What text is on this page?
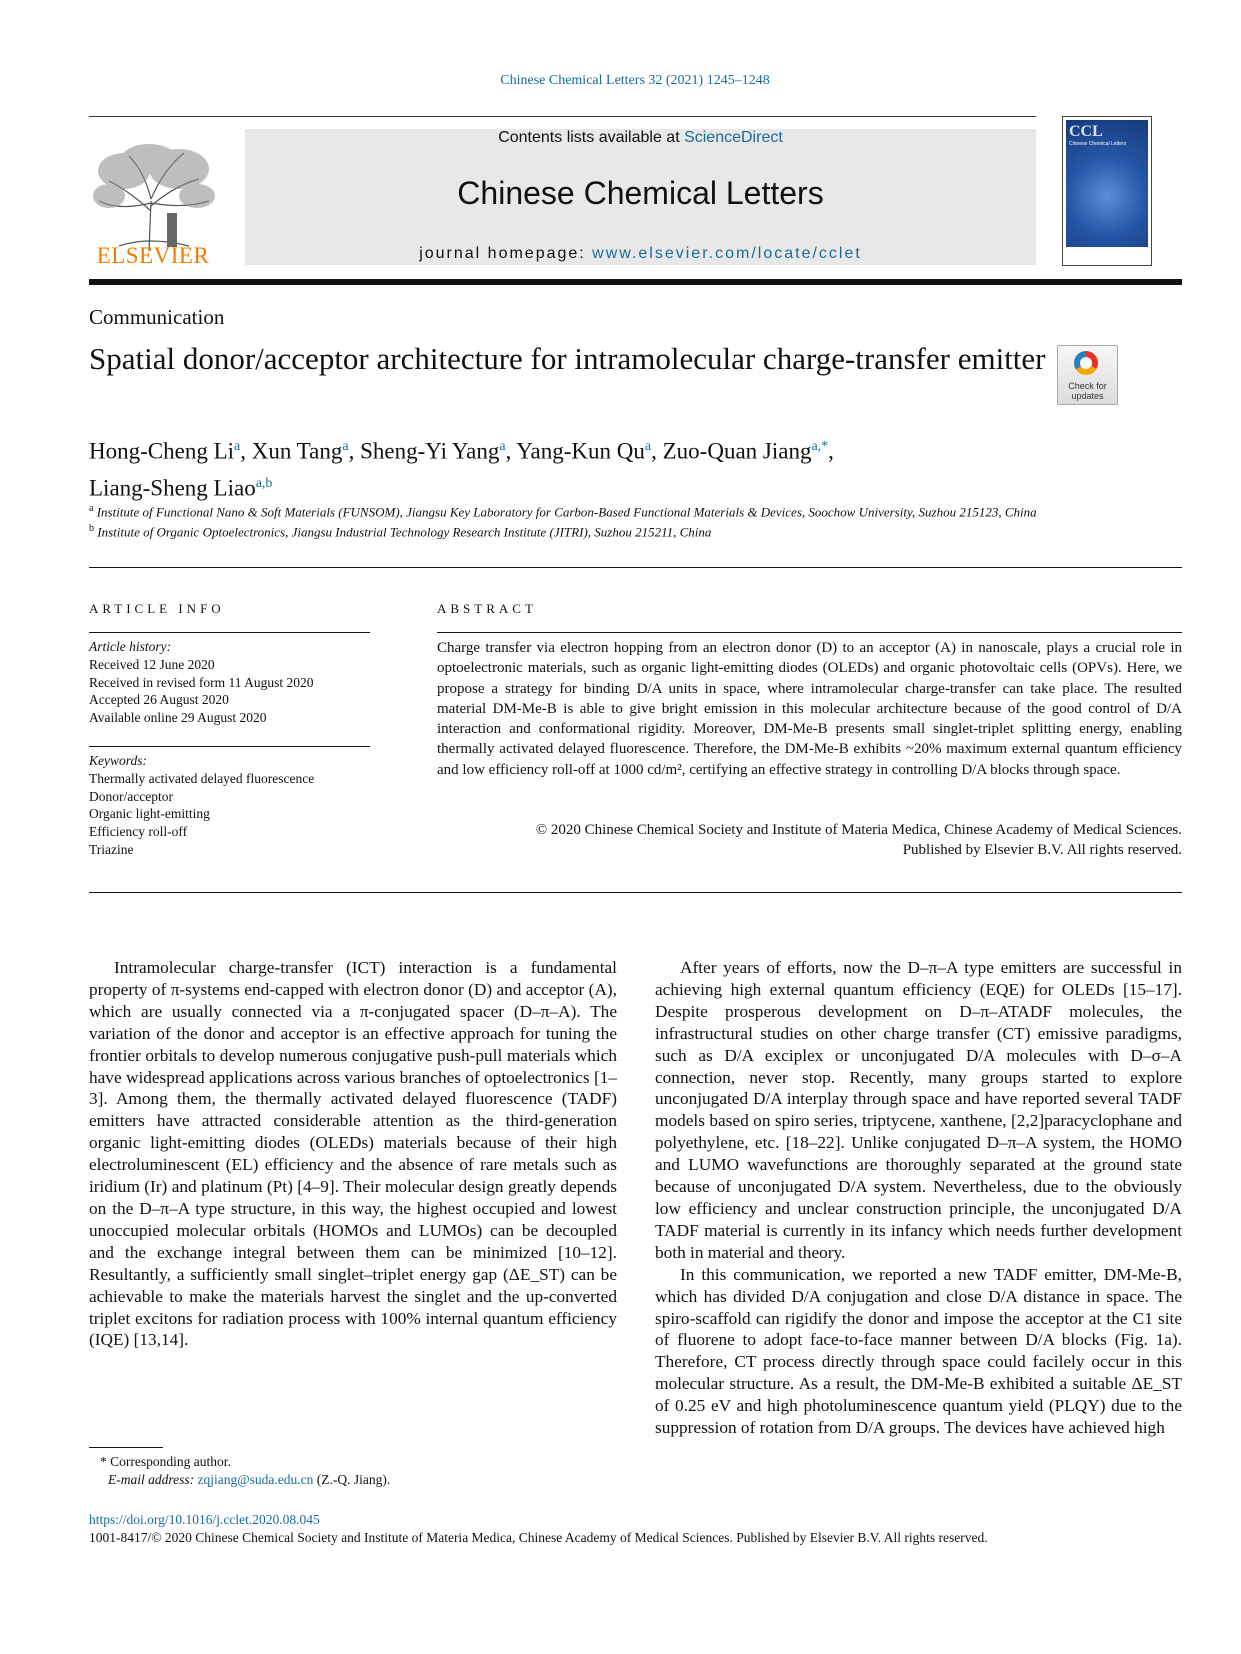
Chinese Chemical Letters 32 (2021) 1245–1248
ELSEVIER
Contents lists available at ScienceDirect
Chinese Chemical Letters
journal homepage: www.elsevier.com/locate/cclet
CCL
Chinese Chemical Letters
Communication
Spatial donor/acceptor architecture for intramolecular charge-transfer emitter
Check for updates
Hong-Cheng Li$^a$, Xun Tang$^a$, Sheng-Yi Yang$^a$, Yang-Kun Qu$^a$, Zuo-Quan Jiang$^{a,*}$,
Liang-Sheng Liao$^{a,b}$
$^a$ Institute of Functional Nano & Soft Materials (FUNSOM), Jiangsu Key Laboratory for Carbon-Based Functional Materials & Devices, Soochow University, Suzhou 215123, China
$^b$ Institute of Organic Optoelectronics, Jiangsu Industrial Technology Research Institute (JITRI), Suzhou 215211, China
ARTICLE INFO	ABSTRACT
Article history:
Received 12 June 2020
Received in revised form 11 August 2020
Accepted 26 August 2020
Available online 29 August 2020
Keywords:
Thermally activated delayed fluorescence
Donor/acceptor
Organic light-emitting
Efficiency roll-off
Triazine
Charge transfer via electron hopping from an electron donor (D) to an acceptor (A) in nanoscale, plays a crucial role in optoelectronic materials, such as organic light-emitting diodes (OLEDs) and organic photovoltaic cells (OPVs). Here, we propose a strategy for binding D/A units in space, where intramolecular charge-transfer can take place. The resulted material DM-Me-B is able to give bright emission in this molecular architecture because of the good control of D/A interaction and conformational rigidity. Moreover, DM-Me-B presents small singlet-triplet splitting energy, enabling thermally activated delayed fluorescence. Therefore, the DM-Me-B exhibits ~20% maximum external quantum efficiency and low efficiency roll-off at 1000 cd/m², certifying an effective strategy in controlling D/A blocks through space.
© 2020 Chinese Chemical Society and Institute of Materia Medica, Chinese Academy of Medical Sciences.
Published by Elsevier B.V. All rights reserved.

Intramolecular charge-transfer (ICT) interaction is a fundamental property of π-systems end-capped with electron donor (D) and acceptor (A), which are usually connected via a π-conjugated spacer (D–π–A). The variation of the donor and acceptor is an effective approach for tuning the frontier orbitals to develop numerous conjugative push-pull materials which have widespread applications across various branches of optoelectronics [1–3]. Among them, the thermally activated delayed fluorescence (TADF) emitters have attracted considerable attention as the third-generation organic light-emitting diodes (OLEDs) materials because of their high electroluminescent (EL) efficiency and the absence of rare metals such as iridium (Ir) and platinum (Pt) [4–9]. Their molecular design greatly depends on the D–π–A type structure, in this way, the highest occupied and lowest unoccupied molecular orbitals (HOMOs and LUMOs) can be decoupled and the exchange integral between them can be minimized [10–12]. Resultantly, a sufficiently small singlet–triplet energy gap (ΔE_ST) can be achievable to make the materials harvest the singlet and the up-converted triplet excitons for radiation process with 100% internal quantum efficiency (IQE) [13,14].

After years of efforts, now the D–π–A type emitters are successful in achieving high external quantum efficiency (EQE) for OLEDs [15–17]. Despite prosperous development on D–π–ATADF molecules, the infrastructural studies on other charge transfer (CT) emissive paradigms, such as D/A exciplex or unconjugated D/A molecules with D–σ–A connection, never stop. Recently, many groups started to explore unconjugated D/A interplay through space and have reported several TADF models based on spiro series, triptycene, xanthene, [2,2]paracyclophane and polyethylene, etc. [18–22]. Unlike conjugated D–π–A system, the HOMO and LUMO wavefunctions are thoroughly separated at the ground state because of unconjugated D/A system. Nevertheless, due to the obviously low efficiency and unclear construction principle, the unconjugated D/A TADF material is currently in its infancy which needs further development both in material and theory.

In this communication, we reported a new TADF emitter, DM-Me-B, which has divided D/A conjugation and close D/A distance in space. The spiro-scaffold can rigidify the donor and impose the acceptor at the C1 site of fluorene to adopt face-to-face manner between D/A blocks (Fig. 1a). Therefore, CT process directly through space could facilely occur in this molecular structure. As a result, the DM-Me-B exhibited a suitable ΔE_ST of 0.25 eV and high photoluminescence quantum yield (PLQY) due to the suppression of rotation from D/A groups. The devices have achieved high

* Corresponding author.
E-mail address: zqjiang@suda.edu.cn (Z.-Q. Jiang).
https://doi.org/10.1016/j.cclet.2020.08.045
1001-8417/© 2020 Chinese Chemical Society and Institute of Materia Medica, Chinese Academy of Medical Sciences. Published by Elsevier B.V. All rights reserved.
